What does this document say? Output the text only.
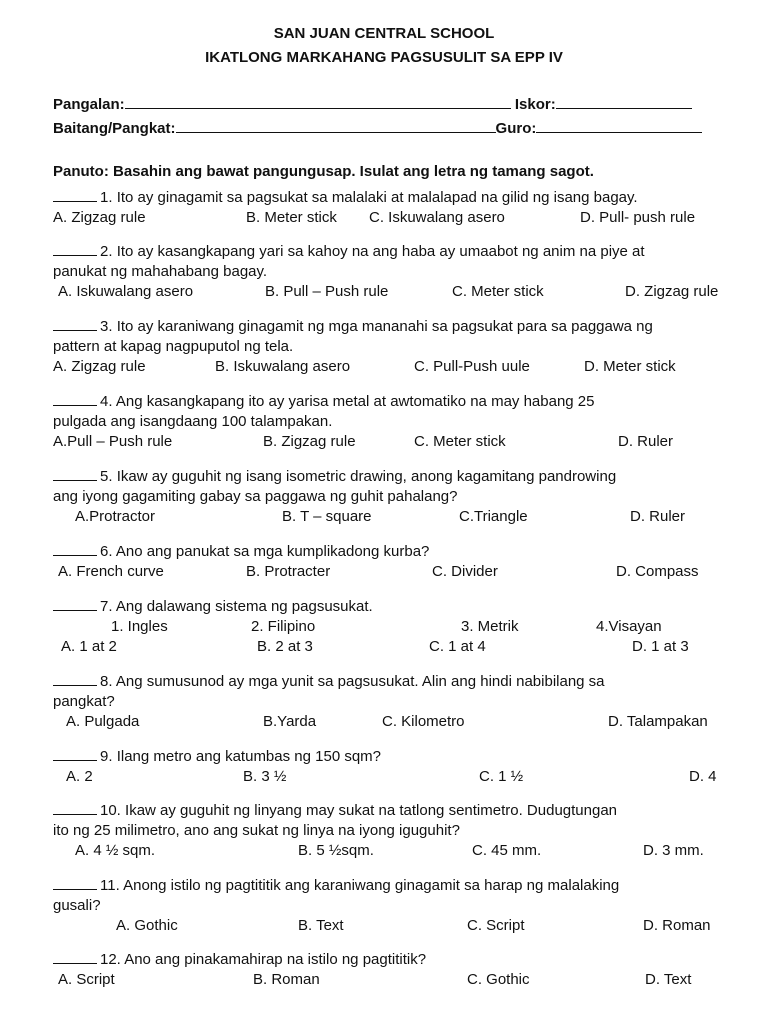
SAN JUAN CENTRAL SCHOOL
IKATLONG MARKAHANG PAGSUSULIT SA EPP IV
Pangalan:	Iskor:
Baitang/Pangkat:	Guro:
Panuto: Basahin ang bawat pangungusap. Isulat ang letra ng tamang sagot.
1. Ito ay ginagamit sa pagsukat sa malalaki at malalapad na gilid ng isang bagay.
A. Zigzag rule	B. Meter stick C. Iskuwalang asero	D. Pull- push rule
2. Ito ay kasangkapang yari sa kahoy na ang haba ay umaabot ng anim na piye at
panukat ng mahahabang bagay.
A. Iskuwalang asero	B. Pull – Push rule	C. Meter stick	D. Zigzag rule
3. Ito ay karaniwang ginagamit ng mga mananahi sa pagsukat para sa paggawa ng
pattern at kapag nagpuputol ng tela.
A. Zigzag rule	B. Iskuwalang asero	C. Pull-Push uule	D. Meter stick
4. Ang kasangkapang ito ay yarisa metal at awtomatiko na may habang 25
pulgada ang isangdaang 100 talampakan.
A.Pull – Push rule	B. Zigzag rule	C. Meter stick	D. Ruler
5. Ikaw ay guguhit ng isang isometric drawing, anong kagamitang pandrowing
ang iyong gagamiting gabay sa paggawa ng guhit pahalang?
A.Protractor	B. T – square	C.Triangle	D. Ruler
6. Ano ang panukat sa mga kumplikadong kurba?
A. French curve	B. Protracter	C. Divider	D. Compass
7. Ang dalawang sistema ng pagsusukat.
1. Ingles	2. Filipino	3. Metrik	4.Visayan
A. 1 at 2	B. 2 at 3	C. 1 at 4	D. 1 at 3
8. Ang sumusunod ay mga yunit sa pagsusukat. Alin ang hindi nabibilang sa
pangkat?
A. Pulgada	B.Yarda	C. Kilometro	D. Talampakan
9. Ilang metro ang katumbas ng 150 sqm?
A. 2	B. 3 ½	C. 1 ½	D. 4
10. Ikaw ay guguhit ng linyang may sukat na tatlong sentimetro. Dudugtungan
ito ng 25 milimetro, ano ang sukat ng linya na iyong iguguhit?
A. 4 ½ sqm.	B. 5 ½sqm.	C. 45 mm.	D. 3 mm.
11. Anong istilo ng pagtititik ang karaniwang ginagamit sa harap ng malalaking
gusali?
A. Gothic	B. Text	C. Script	D. Roman
12. Ano ang pinakamahirap na istilo ng pagtititik?
A. Script	B. Roman	C. Gothic	D. Text
